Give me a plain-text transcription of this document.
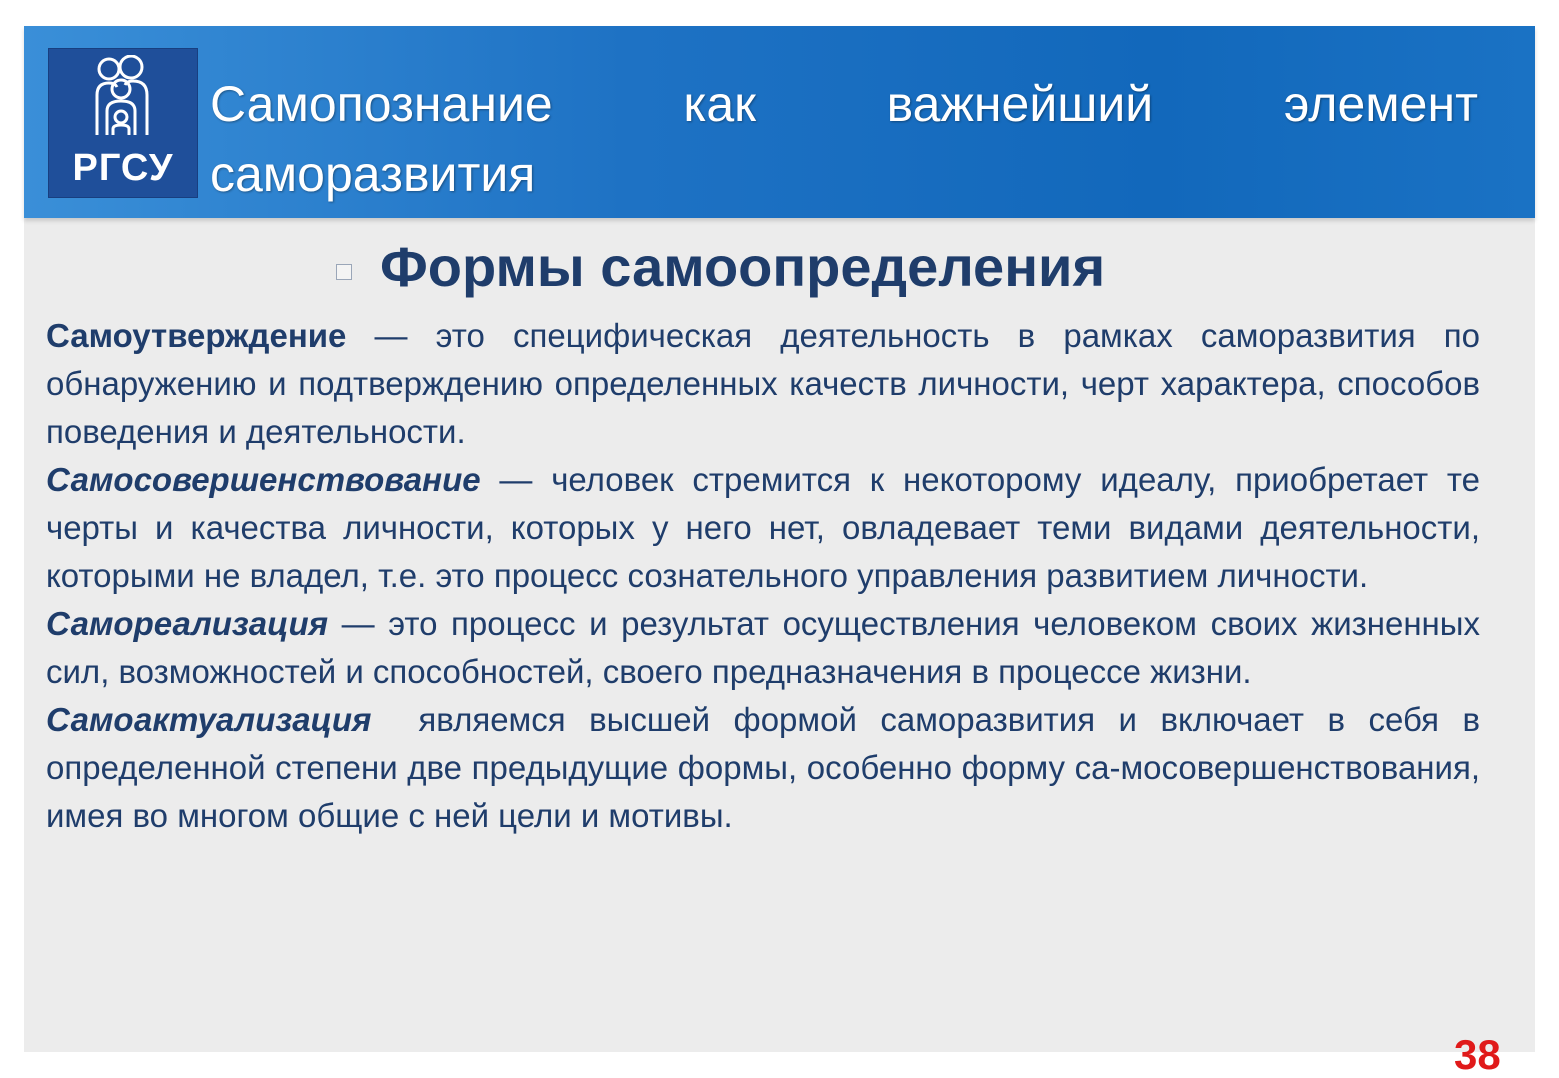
РГСУ
Самопознание	как	важнейший	элемент
саморазвития
Формы самоопределения

Самоутверждение — это специфическая деятельность в рамках саморазвития по обнаружению и подтверждению определенных качеств личности, черт характера, способов поведения и деятельности.

Самосовершенствование — человек стремится к некоторому идеалу, приобретает те черты и качества личности, которых у него нет, овладевает теми видами деятельности, которыми не владел, т.е. это процесс сознательного управления развитием личности.

Самореализация — это процесс и результат осуществления человеком своих жизненных сил, возможностей и способностей, своего предназначения в процессе жизни.

Самоактуализация  являемся высшей формой саморазвития и включает в себя в определенной степени две предыдущие формы, особенно форму са-мосовершенствования, имея во многом общие с ней цели и мотивы.

38
